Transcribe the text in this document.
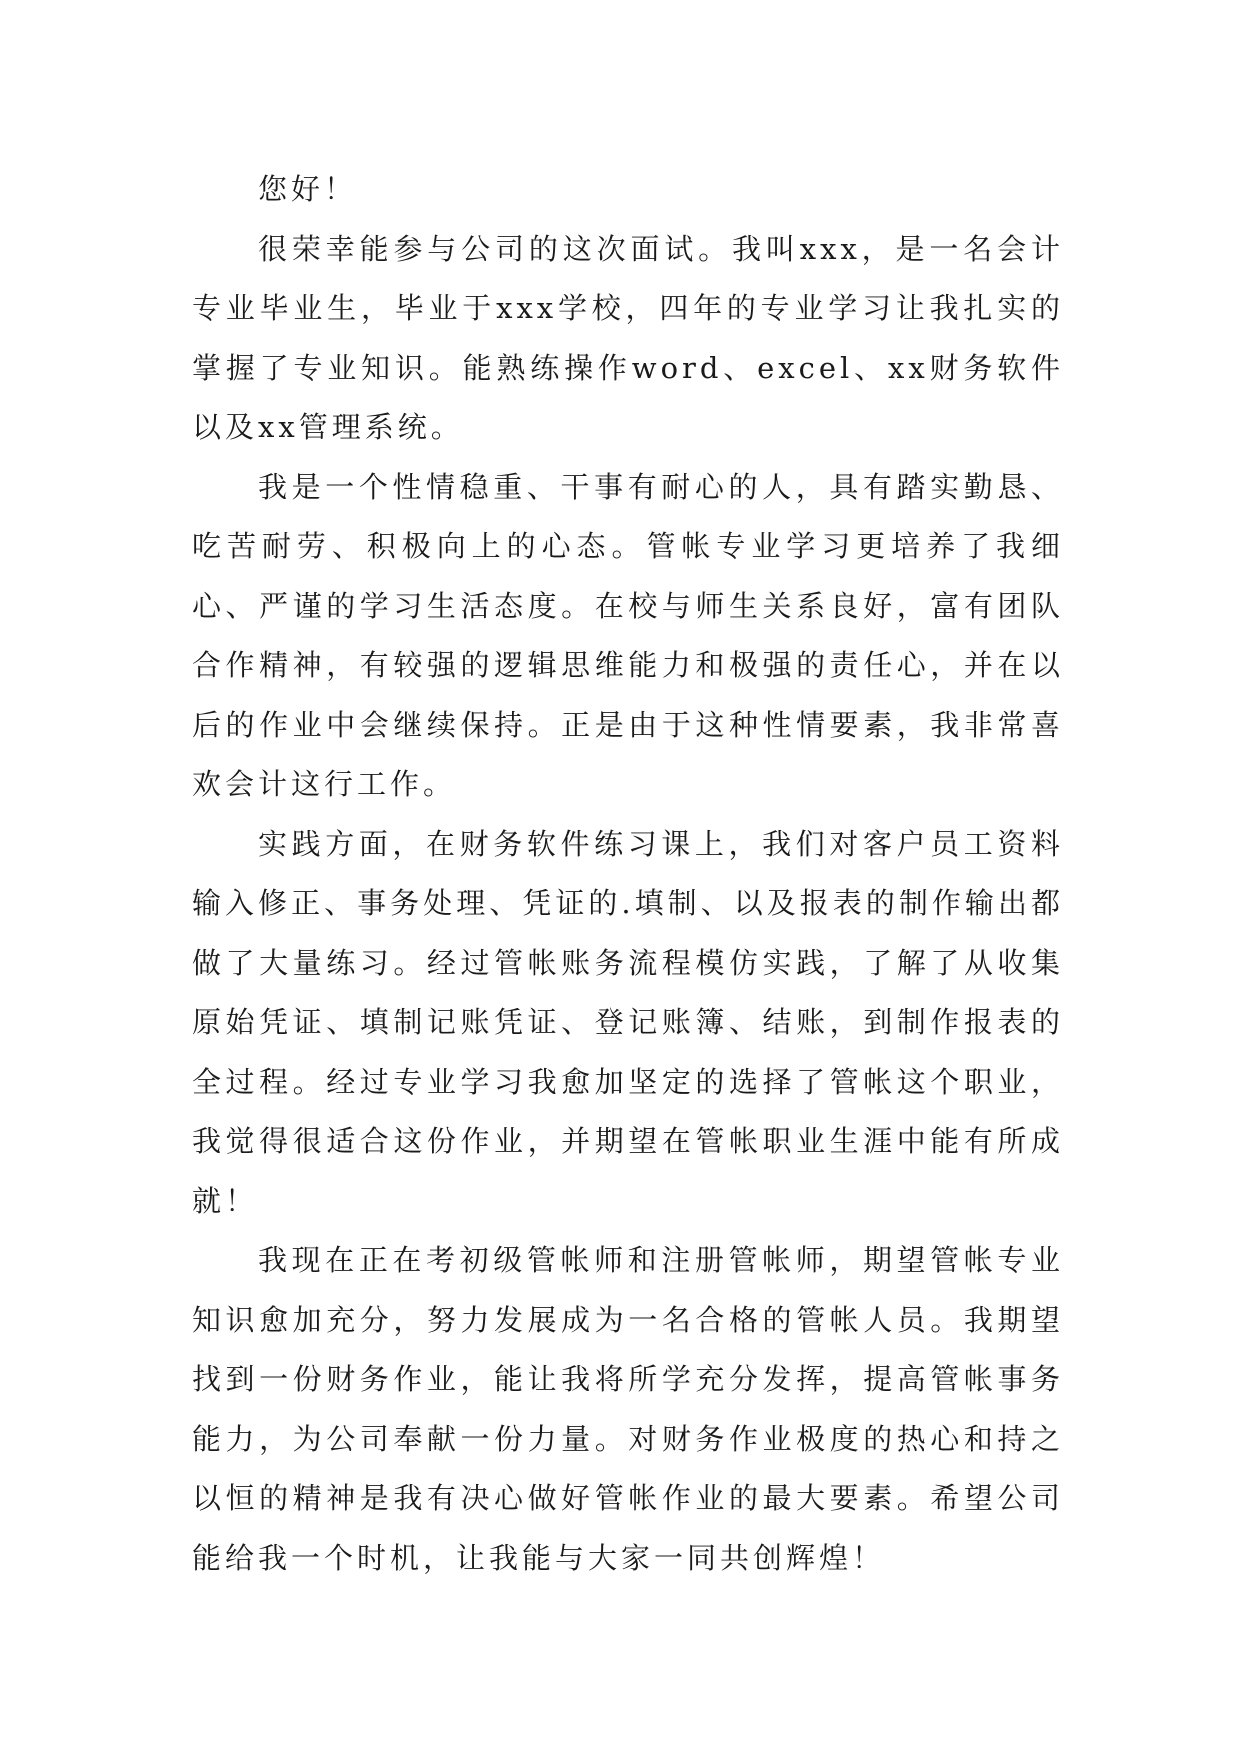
您好！

很荣幸能参与公司的这次面试。我叫xxx，是一名会计专业毕业生，毕业于xxx学校，四年的专业学习让我扎实的掌握了专业知识。能熟练操作word、excel、xx财务软件以及xx管理系统。

我是一个性情稳重、干事有耐心的人，具有踏实勤恳、吃苦耐劳、积极向上的心态。管帐专业学习更培养了我细心、严谨的学习生活态度。在校与师生关系良好，富有团队合作精神，有较强的逻辑思维能力和极强的责任心，并在以后的作业中会继续保持。正是由于这种性情要素，我非常喜欢会计这行工作。

实践方面，在财务软件练习课上，我们对客户员工资料输入修正、事务处理、凭证的.填制、以及报表的制作输出都做了大量练习。经过管帐账务流程模仿实践，了解了从收集原始凭证、填制记账凭证、登记账簿、结账，到制作报表的全过程。经过专业学习我愈加坚定的选择了管帐这个职业，我觉得很适合这份作业，并期望在管帐职业生涯中能有所成就！

我现在正在考初级管帐师和注册管帐师，期望管帐专业知识愈加充分，努力发展成为一名合格的管帐人员。我期望找到一份财务作业，能让我将所学充分发挥，提高管帐事务能力，为公司奉献一份力量。对财务作业极度的热心和持之以恒的精神是我有决心做好管帐作业的最大要素。希望公司能给我一个时机，让我能与大家一同共创辉煌！
